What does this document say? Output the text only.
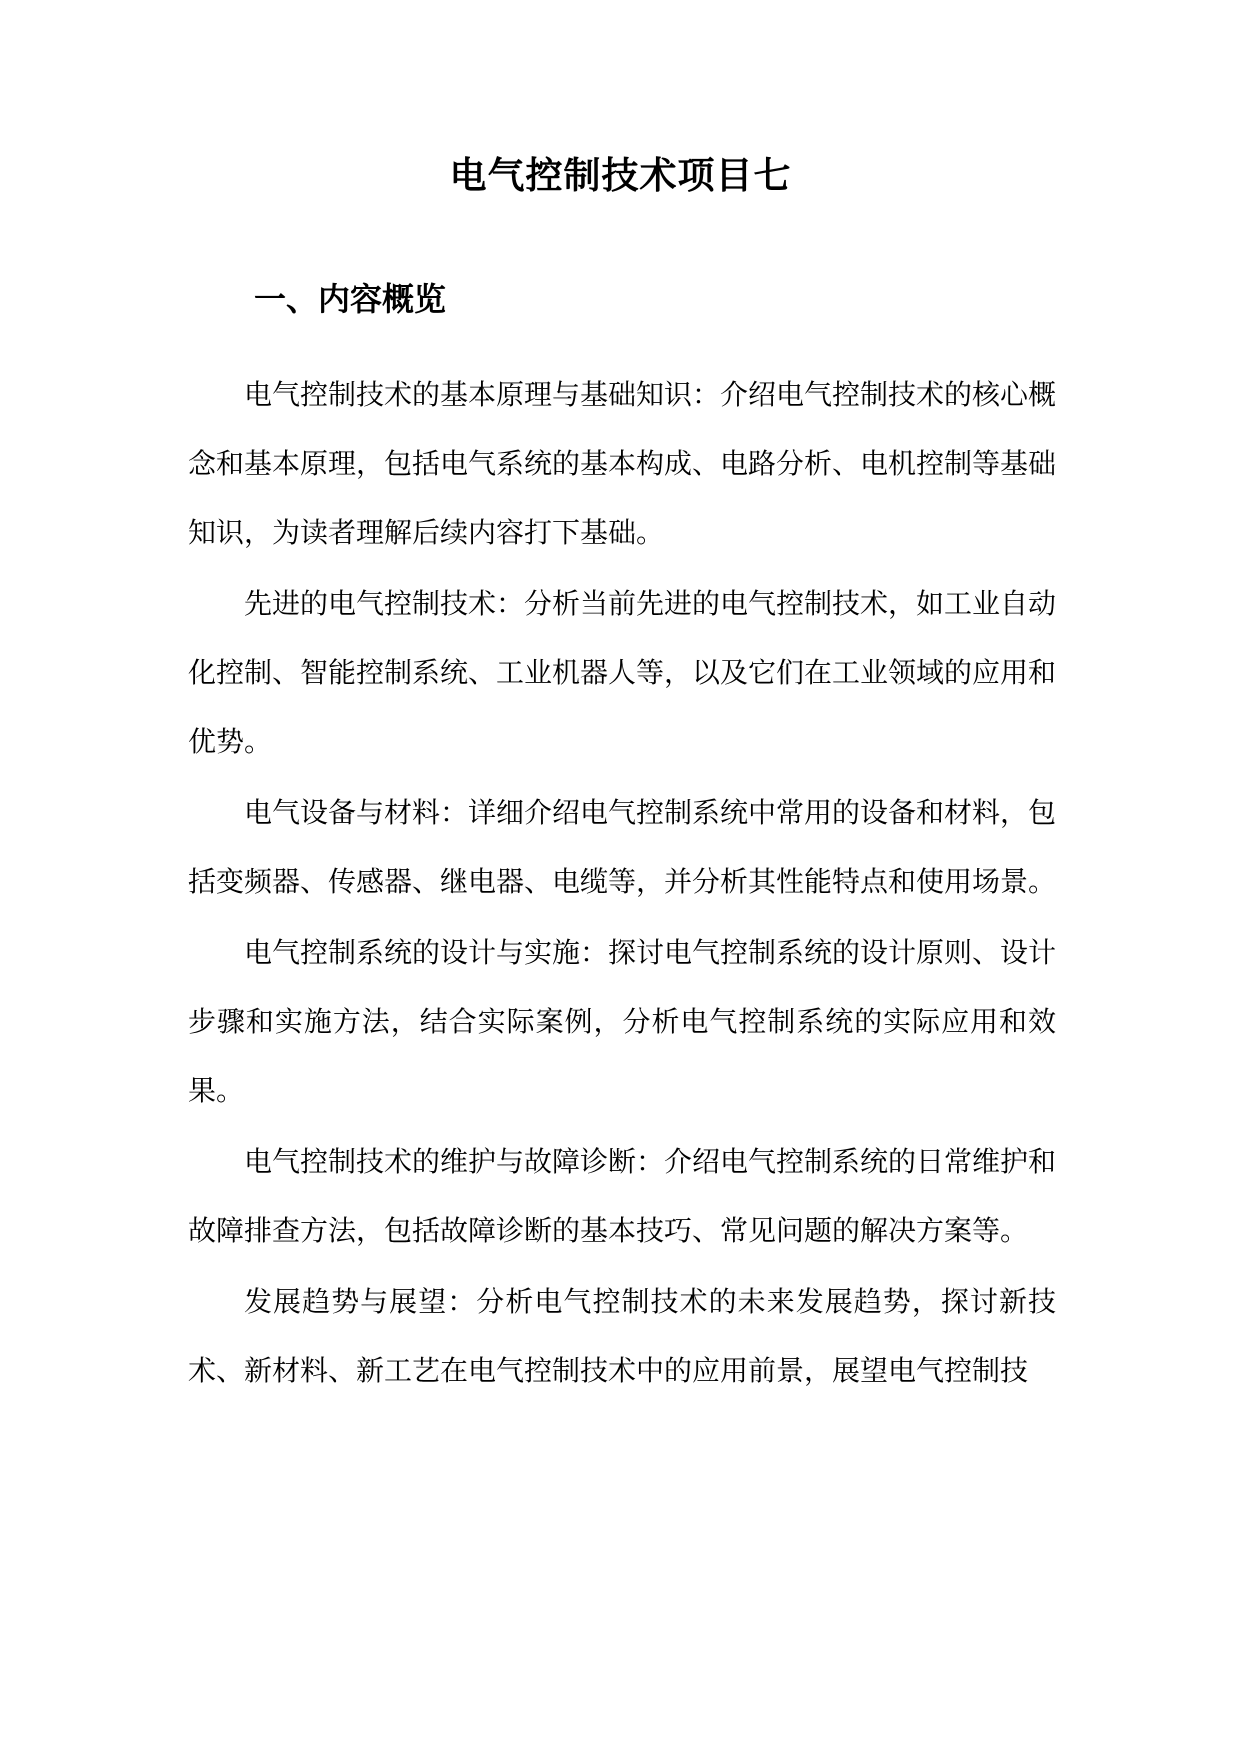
电气控制技术项目七
一、内容概览

电气控制技术的基本原理与基础知识：介绍电气控制技术的核心概念和基本原理，包括电气系统的基本构成、电路分析、电机控制等基础知识，为读者理解后续内容打下基础。

先进的电气控制技术：分析当前先进的电气控制技术，如工业自动化控制、智能控制系统、工业机器人等，以及它们在工业领域的应用和优势。

电气设备与材料：详细介绍电气控制系统中常用的设备和材料，包括变频器、传感器、继电器、电缆等，并分析其性能特点和使用场景。

电气控制系统的设计与实施：探讨电气控制系统的设计原则、设计步骤和实施方法，结合实际案例，分析电气控制系统的实际应用和效果。

电气控制技术的维护与故障诊断：介绍电气控制系统的日常维护和故障排查方法，包括故障诊断的基本技巧、常见问题的解决方案等。

发展趋势与展望：分析电气控制技术的未来发展趋势，探讨新技术、新材料、新工艺在电气控制技术中的应用前景，展望电气控制技
